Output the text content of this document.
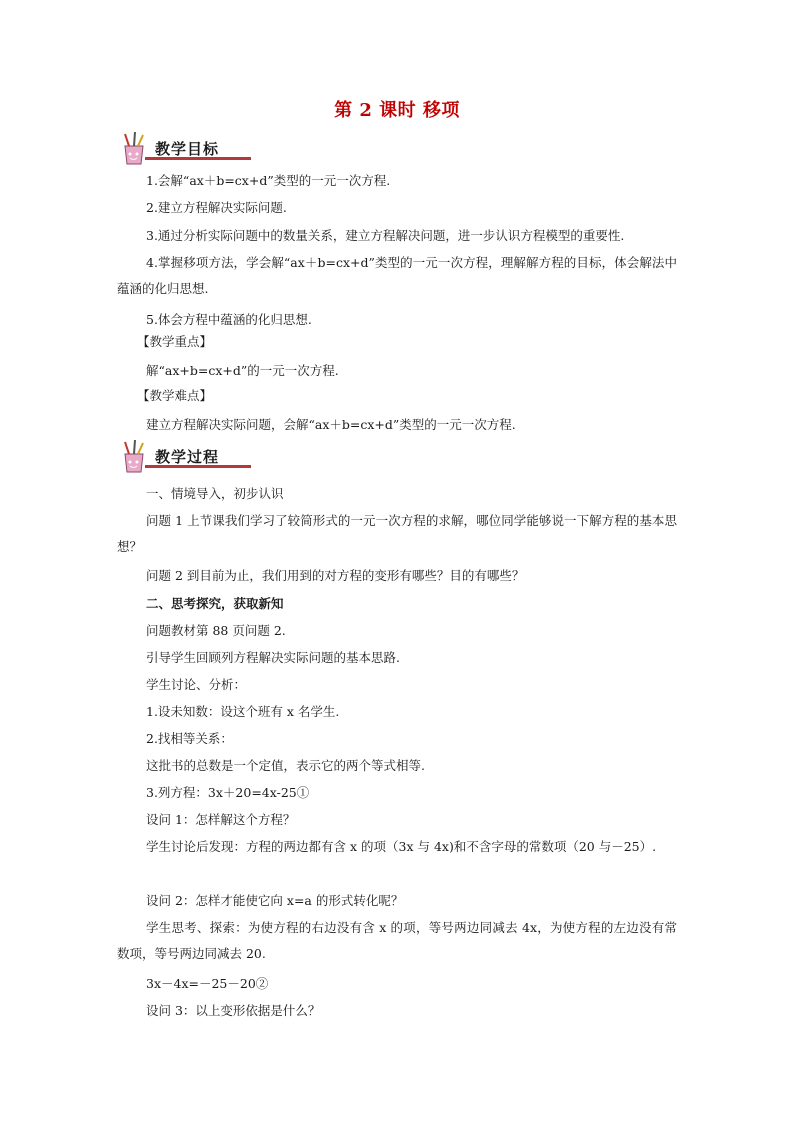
第 2 课时 移项
教学目标
1.会解“ax＋b=cx+d”类型的一元一次方程.
2.建立方程解决实际问题.
3.通过分析实际问题中的数量关系，建立方程解决问题，进一步认识方程模型的重要性.
4.掌握移项方法，学会解“ax＋b=cx+d”类型的一元一次方程，理解解方程的目标，体会解法中蕴涵的化归思想.
5.体会方程中蕴涵的化归思想.
【教学重点】
解“ax+b=cx+d”的一元一次方程.
【教学难点】
建立方程解决实际问题，会解“ax＋b=cx+d”类型的一元一次方程.
教学过程
一、情境导入，初步认识
问题 1 上节课我们学习了较简形式的一元一次方程的求解，哪位同学能够说一下解方程的基本思想？
问题 2 到目前为止，我们用到的对方程的变形有哪些？目的有哪些？
二、思考探究，获取新知
问题教材第 88 页问题 2.
引导学生回顾列方程解决实际问题的基本思路.
学生讨论、分析：
1.设未知数：设这个班有 x 名学生.
2.找相等关系：
这批书的总数是一个定值，表示它的两个等式相等.
3.列方程：3x＋20=4x-25①
设问 1：怎样解这个方程？
学生讨论后发现：方程的两边都有含 x 的项（3x 与 4x)和不含字母的常数项（20 与－25）.
设问 2：怎样才能使它向 x=a 的形式转化呢？
学生思考、探索：为使方程的右边没有含 x 的项，等号两边同减去 4x，为使方程的左边没有常数项，等号两边同减去 20.
3x－4x=－25－20②
设问 3：以上变形依据是什么？
